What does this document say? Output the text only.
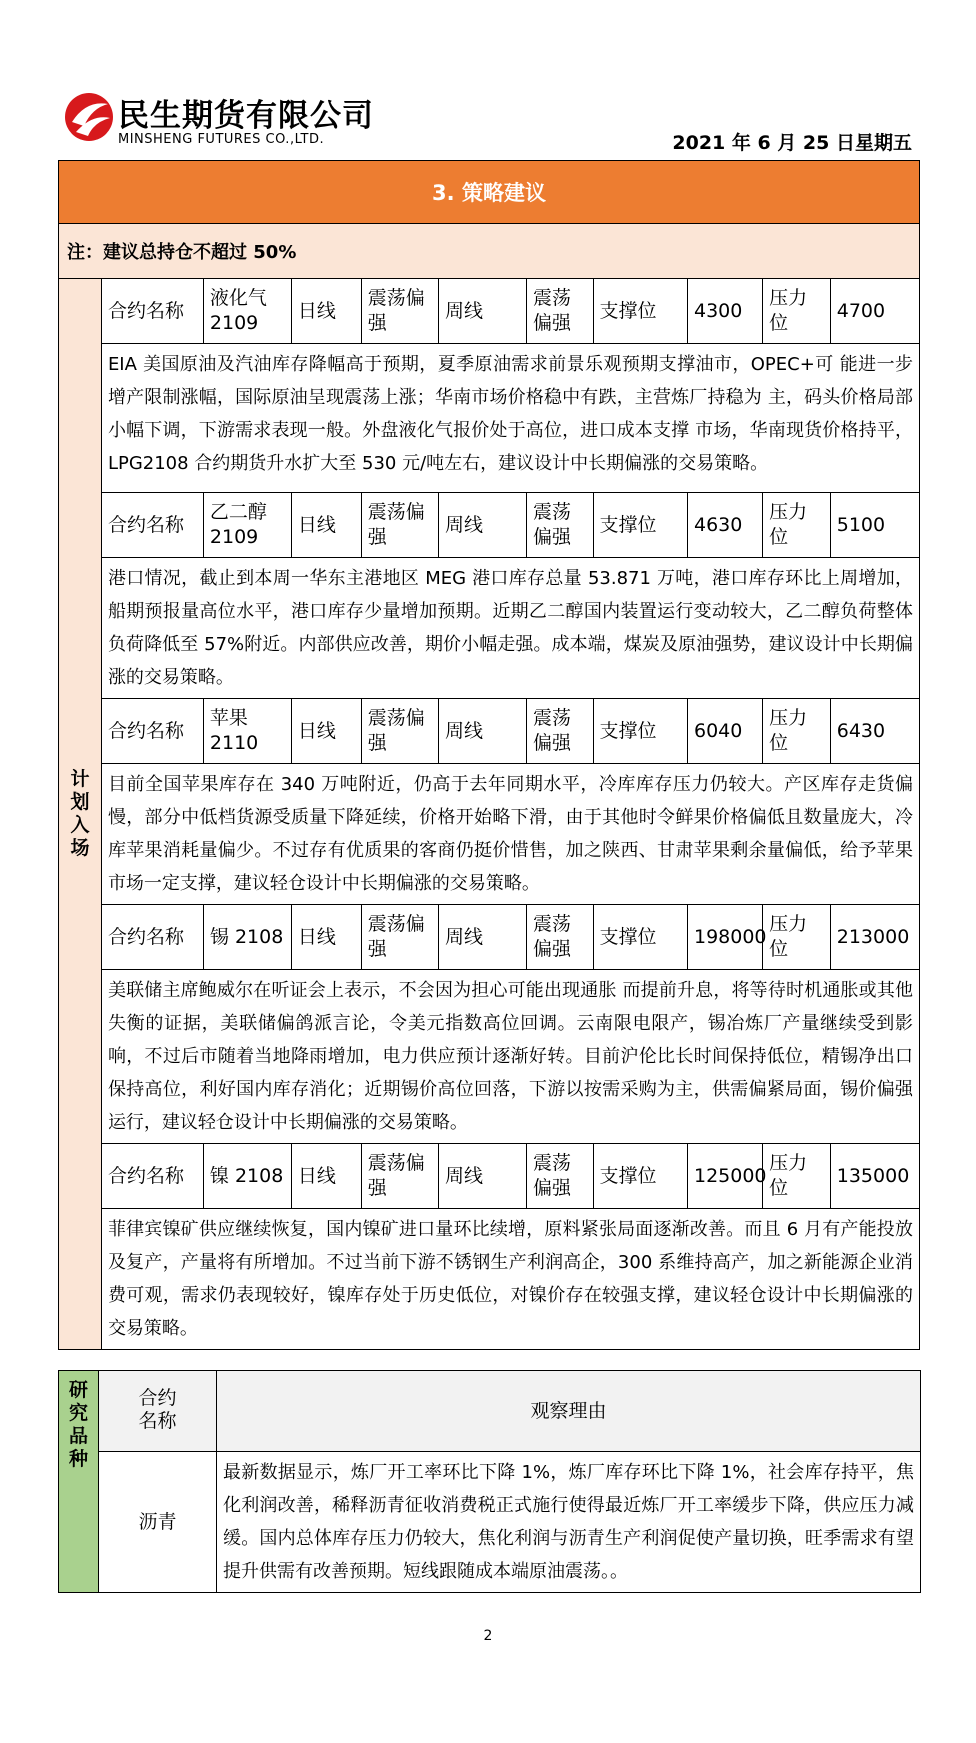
民生期货有限公司
MINSHENG FUTURES CO.,LTD.	2021 年 6 月 25 日星期五
3. 策略建议										
注：建议总持仓不超过 50%										
计划入场	合约名称	液化气 2109	日线	震荡偏强	周线	震荡偏强	支撑位	4300	压力位	4700
	EIA 美国原油及汽油库存降幅高于预期，夏季原油需求前景乐观预期支撑油市，OPEC+可 能进一步增产限制涨幅，国际原油呈现震荡上涨；华南市场价格稳中有跌，主营炼厂持稳为 主，码头价格局部小幅下调，下游需求表现一般。外盘液化气报价处于高位，进口成本支撑 市场，华南现货价格持平，LPG2108 合约期货升水扩大至 530 元/吨左右，建议设计中长期偏涨的交易策略。									
	合约名称	乙二醇 2109	日线	震荡偏强	周线	震荡偏强	支撑位	4630	压力位	5100
	港口情况，截止到本周一华东主港地区 MEG 港口库存总量 53.871 万吨，港口库存环比上周增加，船期预报量高位水平，港口库存少量增加预期。近期乙二醇国内装置运行变动较大，乙二醇负荷整体负荷降低至 57%附近。内部供应改善，期价小幅走强。成本端，煤炭及原油强势，建议设计中长期偏涨的交易策略。									
	合约名称	苹果 2110	日线	震荡偏强	周线	震荡偏强	支撑位	6040	压力位	6430
	目前全国苹果库存在 340 万吨附近，仍高于去年同期水平，冷库库存压力仍较大。产区库存走货偏慢，部分中低档货源受质量下降延续，价格开始略下滑，由于其他时令鲜果价格偏低且数量庞大，冷库苹果消耗量偏少。不过存有优质果的客商仍挺价惜售，加之陕西、甘肃苹果剩余量偏低，给予苹果市场一定支撑，建议轻仓设计中长期偏涨的交易策略。									
	合约名称	锡 2108	日线	震荡偏强	周线	震荡偏强	支撑位	198000	压力位	213000
	美联储主席鲍威尔在听证会上表示，不会因为担心可能出现通胀 而提前升息，将等待时机通胀或其他失衡的证据，美联储偏鸽派言论，令美元指数高位回调。云南限电限产，锡冶炼厂产量继续受到影响，不过后市随着当地降雨增加，电力供应预计逐渐好转。目前沪伦比长时间保持低位，精锡净出口保持高位，利好国内库存消化；近期锡价高位回落，下游以按需采购为主，供需偏紧局面，锡价偏强运行，建议轻仓设计中长期偏涨的交易策略。									
	合约名称	镍 2108	日线	震荡偏强	周线	震荡偏强	支撑位	125000	压力位	135000
	菲律宾镍矿供应继续恢复，国内镍矿进口量环比续增，原料紧张局面逐渐改善。而且 6 月有产能投放及复产，产量将有所增加。不过当前下游不锈钢生产利润高企，300 系维持高产，加之新能源企业消费可观，需求仍表现较好，镍库存处于历史低位，对镍价存在较强支撑，建议轻仓设计中长期偏涨的交易策略。									
研究品种	合约名称	观察理由
	沥青	最新数据显示，炼厂开工率环比下降 1%，炼厂库存环比下降 1%，社会库存持平，焦化利润改善，稀释沥青征收消费税正式施行使得最近炼厂开工率缓步下降，供应压力减缓。国内总体库存压力仍较大，焦化利润与沥青生产利润促使产量切换，旺季需求有望提升供需有改善预期。短线跟随成本端原油震荡。。
2
